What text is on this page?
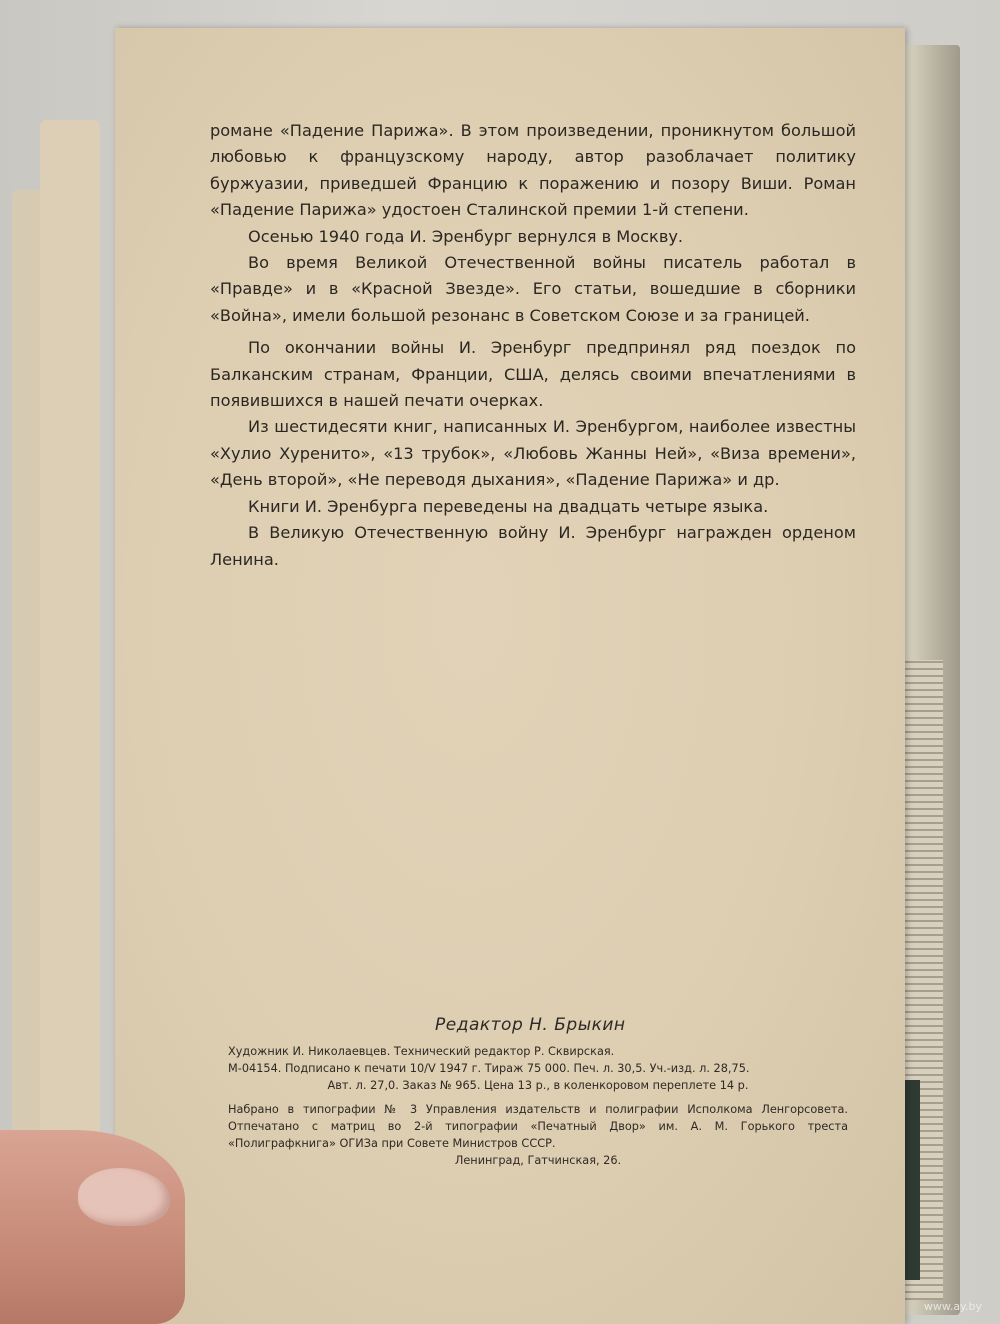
романе «Падение Парижа». В этом произведении, проникнутом большой любовью к французскому народу, автор разоблачает политику буржуазии, приведшей Францию к поражению и позору Виши. Роман «Падение Парижа» удостоен Сталинской премии 1-й степени.

Осенью 1940 года И. Эренбург вернулся в Москву.

Во время Великой Отечественной войны писатель работал в «Правде» и в «Красной Звезде». Его статьи, вошедшие в сборники «Война», имели большой резонанс в Советском Союзе и за границей.

По окончании войны И. Эренбург предпринял ряд поездок по Балканским странам, Франции, США, делясь своими впечатлениями в появившихся в нашей печати очерках.

Из шестидесяти книг, написанных И. Эренбургом, наиболее известны «Хулио Хуренито», «13 трубок», «Любовь Жанны Ней», «Виза времени», «День второй», «Не переводя дыхания», «Падение Парижа» и др.

Книги И. Эренбурга переведены на двадцать четыре языка.

В Великую Отечественную войну И. Эренбург награжден орденом Ленина.

Редактор Н. Брыкин

Художник И. Николаевцев. Технический редактор Р. Сквирская.

М-04154. Подписано к печати 10/V 1947 г. Тираж 75 000. Печ. л. 30,5. Уч.-изд. л. 28,75.

Авт. л. 27,0. Заказ № 965. Цена 13 р., в коленкоровом переплете 14 р.

Набрано в типографии № 3 Управления издательств и полиграфии Исполкома Ленгорсовета. Отпечатано с матриц во 2-й типографии «Печатный Двор» им. А. М. Горького треста «Полиграфкнига» ОГИЗа при Совете Министров СССР.

Ленинград, Гатчинская, 26.

www.ay.by
